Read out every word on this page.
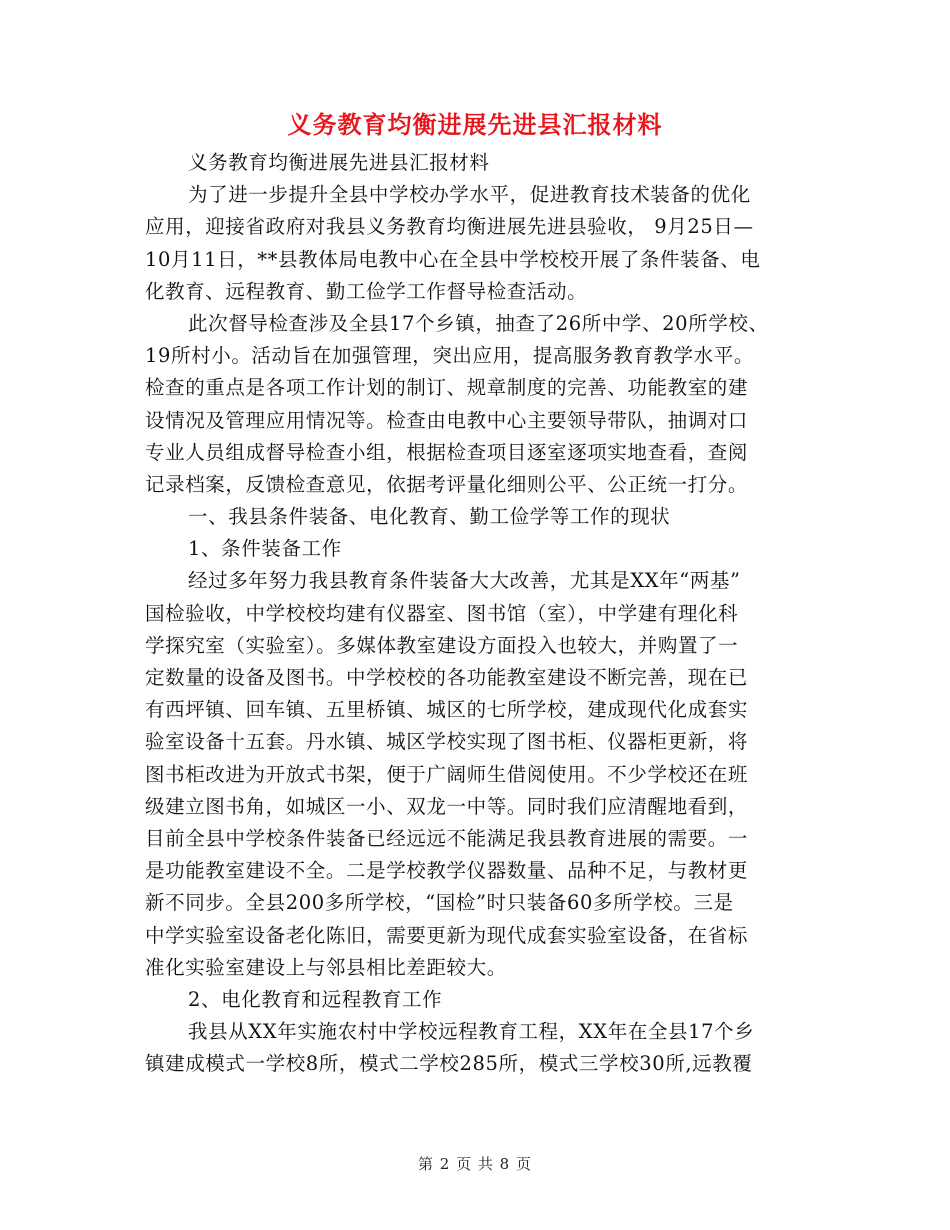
义务教育均衡进展先进县汇报材料
义务教育均衡进展先进县汇报材料
为了进一步提升全县中学校办学水平，促进教育技术装备的优化
应用，迎接省政府对我县义务教育均衡进展先进县验收， 9月25日—
10月11日，**县教体局电教中心在全县中学校校开展了条件装备、电
化教育、远程教育、勤工俭学工作督导检查活动。
此次督导检查涉及全县17个乡镇，抽查了26所中学、20所学校、
19所村小。活动旨在加强管理，突出应用，提高服务教育教学水平。
检查的重点是各项工作计划的制订、规章制度的完善、功能教室的建
设情况及管理应用情况等。检查由电教中心主要领导带队，抽调对口
专业人员组成督导检查小组，根据检查项目逐室逐项实地查看，查阅
记录档案，反馈检查意见，依据考评量化细则公平、公正统一打分。
一、我县条件装备、电化教育、勤工俭学等工作的现状
1、条件装备工作
经过多年努力我县教育条件装备大大改善，尤其是XX年“两基”
国检验收，中学校校均建有仪器室、图书馆（室），中学建有理化科
学探究室（实验室）。多媒体教室建设方面投入也较大，并购置了一
定数量的设备及图书。中学校校的各功能教室建设不断完善，现在已
有西坪镇、回车镇、五里桥镇、城区的七所学校，建成现代化成套实
验室设备十五套。丹水镇、城区学校实现了图书柜、仪器柜更新，将
图书柜改进为开放式书架，便于广阔师生借阅使用。不少学校还在班
级建立图书角，如城区一小、双龙一中等。同时我们应清醒地看到，
目前全县中学校条件装备已经远远不能满足我县教育进展的需要。一
是功能教室建设不全。二是学校教学仪器数量、品种不足，与教材更
新不同步。全县200多所学校，“国检”时只装备60多所学校。三是
中学实验室设备老化陈旧，需要更新为现代成套实验室设备，在省标
准化实验室建设上与邻县相比差距较大。
2、电化教育和远程教育工作
我县从XX年实施农村中学校远程教育工程，XX年在全县17个乡
镇建成模式一学校8所，模式二学校285所，模式三学校30所,远教覆
第 2 页 共 8 页
